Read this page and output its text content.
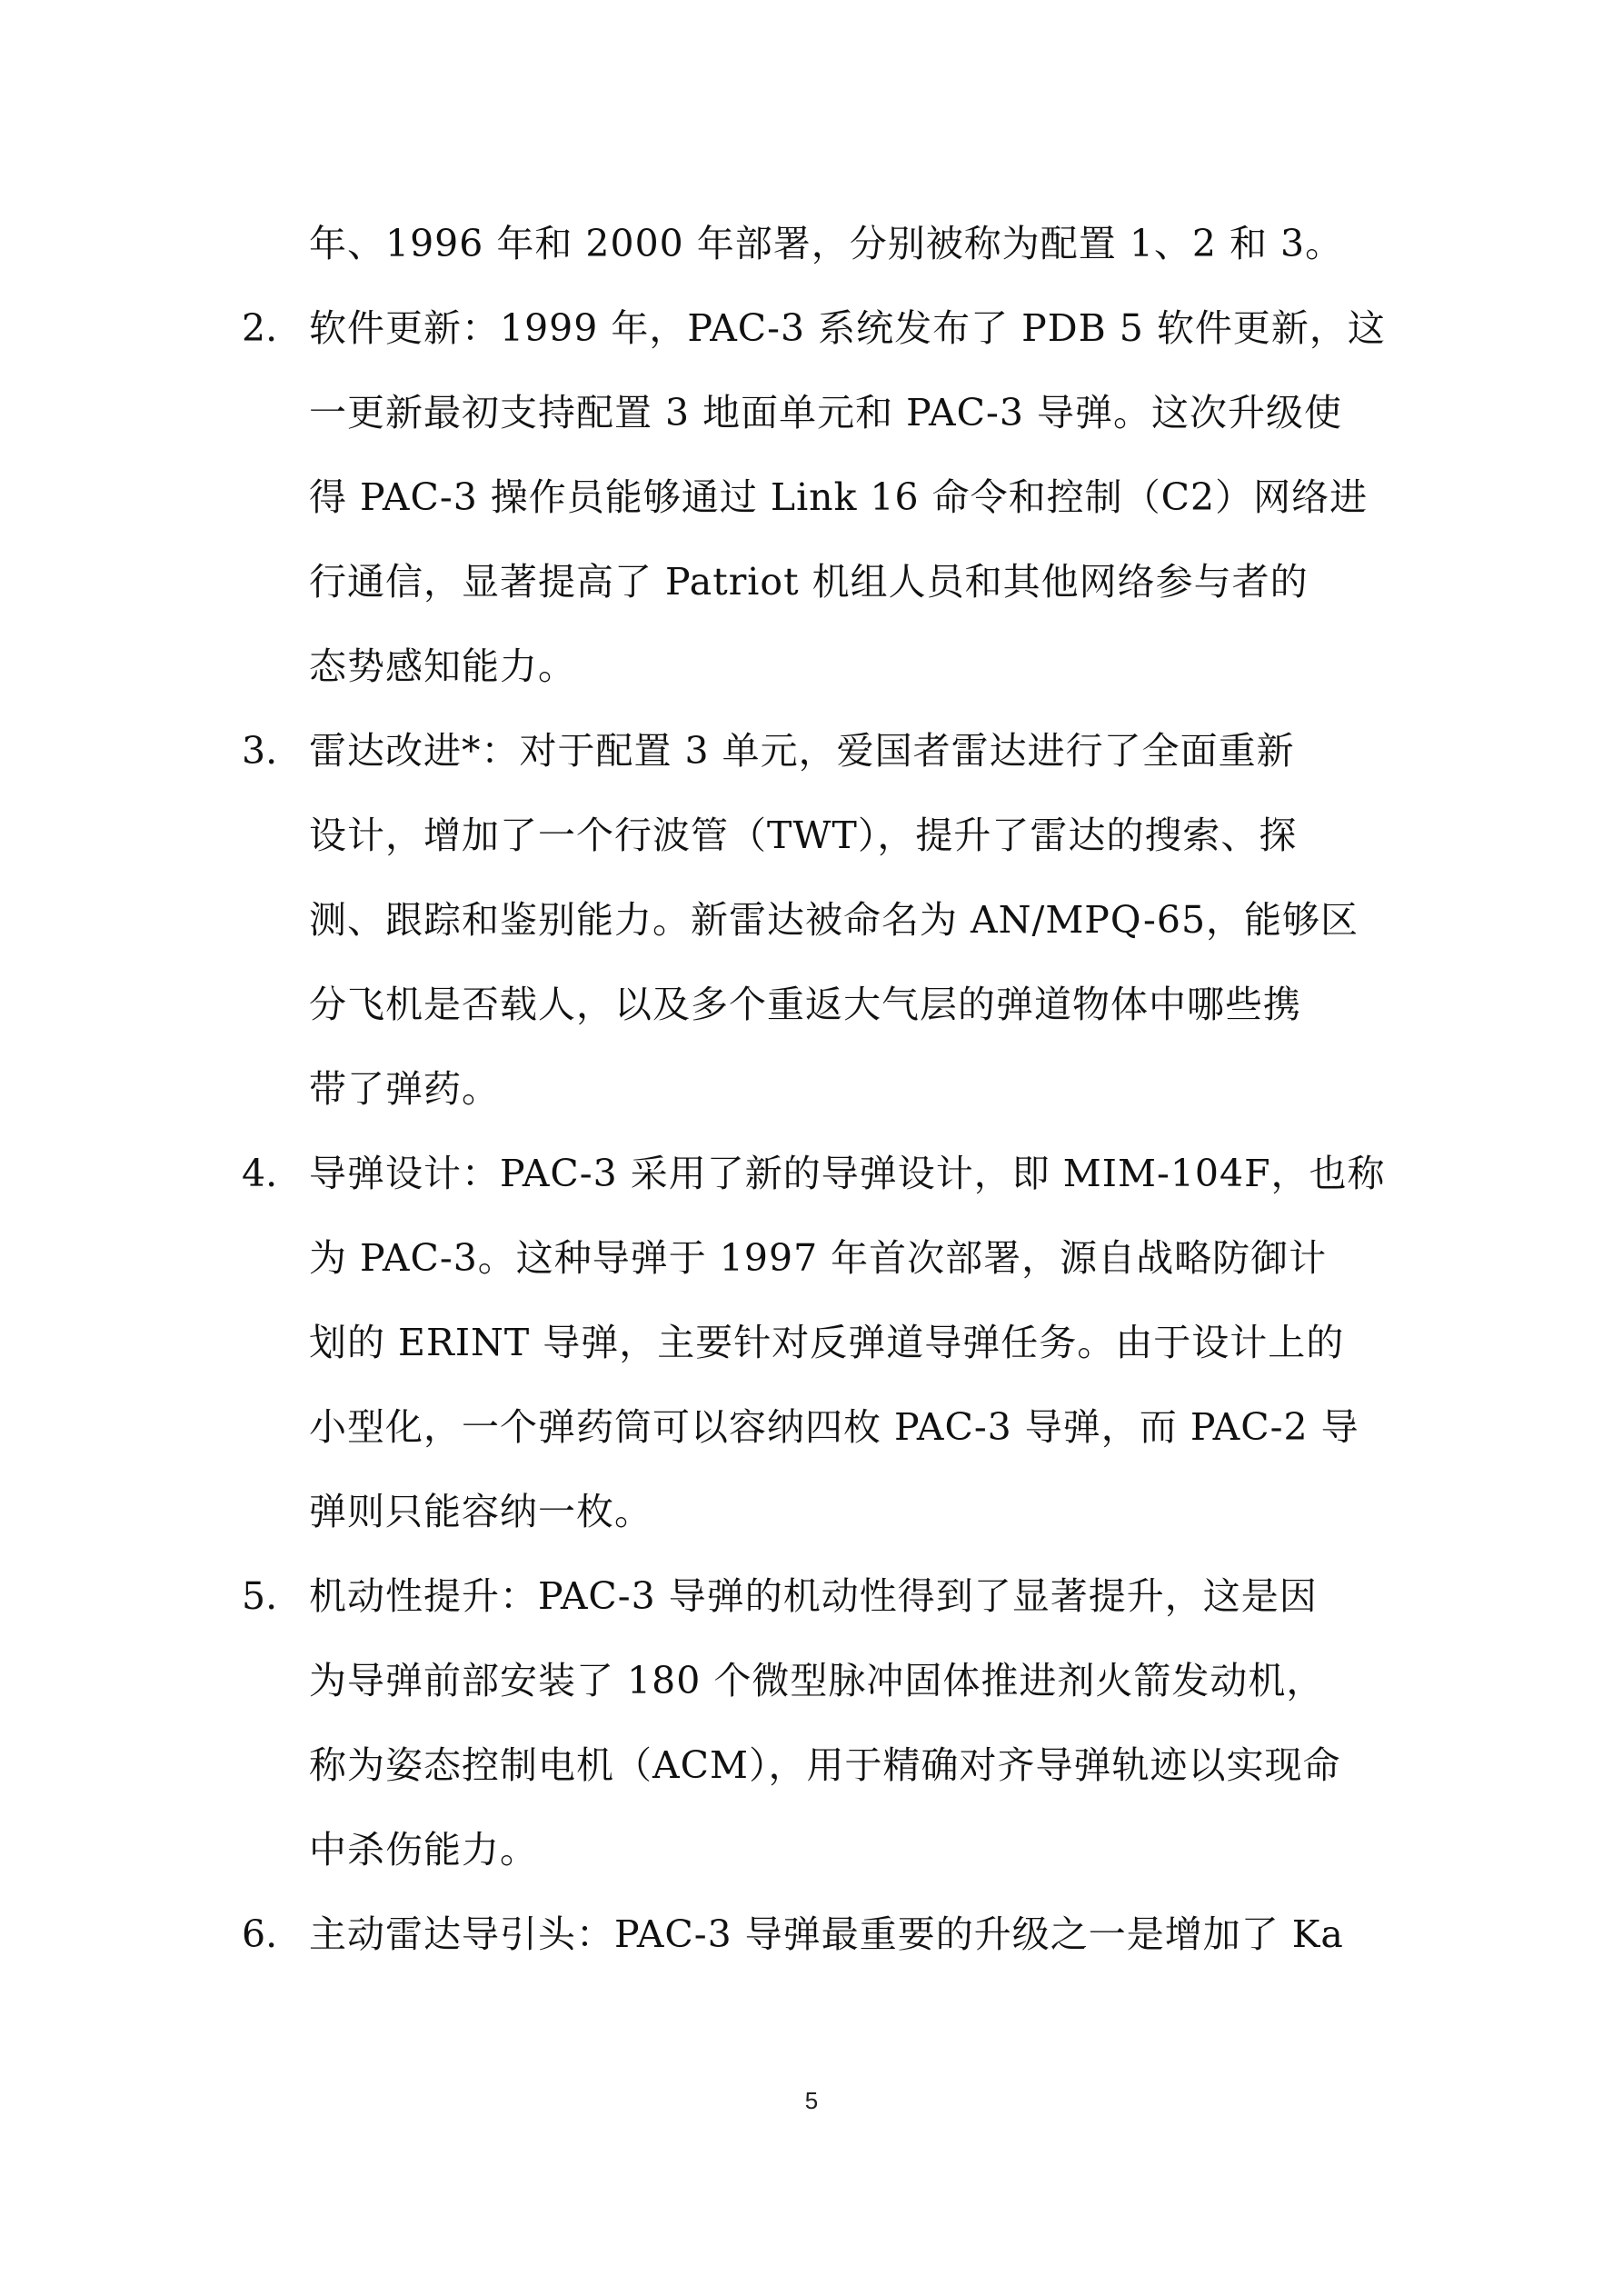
年、1996 年和 2000 年部署，分别被称为配置 1、2 和 3。
2. 软件更新：1999 年，PAC-3 系统发布了 PDB 5 软件更新，这
一更新最初支持配置 3 地面单元和 PAC-3 导弹。这次升级使
得 PAC-3 操作员能够通过 Link 16 命令和控制（C2）网络进
行通信，显著提高了 Patriot 机组人员和其他网络参与者的
态势感知能力。
3. 雷达改进*：对于配置 3 单元，爱国者雷达进行了全面重新
设计，增加了一个行波管（TWT），提升了雷达的搜索、探
测、跟踪和鉴别能力。新雷达被命名为 AN/MPQ-65，能够区
分飞机是否载人，以及多个重返大气层的弹道物体中哪些携
带了弹药。
4. 导弹设计：PAC-3 采用了新的导弹设计，即 MIM-104F，也称
为 PAC-3。这种导弹于 1997 年首次部署，源自战略防御计
划的 ERINT 导弹，主要针对反弹道导弹任务。由于设计上的
小型化，一个弹药筒可以容纳四枚 PAC-3 导弹，而 PAC-2 导
弹则只能容纳一枚。
5. 机动性提升：PAC-3 导弹的机动性得到了显著提升，这是因
为导弹前部安装了 180 个微型脉冲固体推进剂火箭发动机，
称为姿态控制电机（ACM），用于精确对齐导弹轨迹以实现命
中杀伤能力。
6. 主动雷达导引头：PAC-3 导弹最重要的升级之一是增加了 Ka
5
